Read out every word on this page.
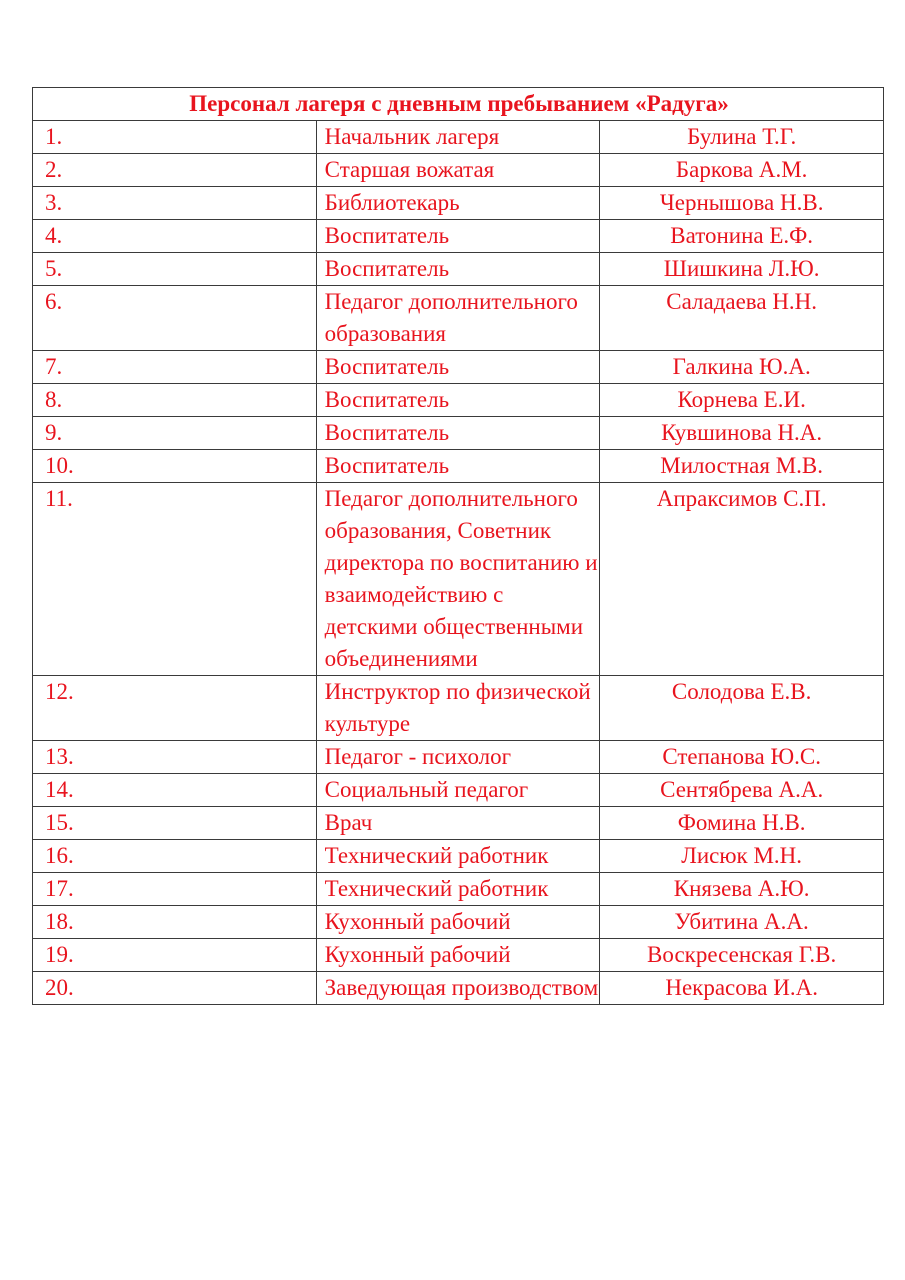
Персонал лагеря с дневным пребыванием «Радуга»		
1.	Начальник лагеря	Булина Т.Г.
2.	Старшая вожатая	Баркова А.М.
3.	Библиотекарь	Чернышова Н.В.
4.	Воспитатель	Ватонина Е.Ф.
5.	Воспитатель	Шишкина Л.Ю.
6.	Педагог дополнительного образования	Саладаева Н.Н.
7.	Воспитатель	Галкина Ю.А.
8.	Воспитатель	Корнева Е.И.
9.	Воспитатель	Кувшинова Н.А.
10.	Воспитатель	Милостная М.В.
11.	Педагог дополнительного образования, Советник директора по воспитанию и взаимодействию с детскими общественными объединениями	Апраксимов С.П.
12.	Инструктор по физической культуре	Солодова Е.В.
13.	Педагог - психолог	Степанова Ю.С.
14.	Социальный педагог	Сентябрева А.А.
15.	Врач	Фомина Н.В.
16.	Технический работник	Лисюк М.Н.
17.	Технический работник	Князева А.Ю.
18.	Кухонный рабочий	Убитина А.А.
19.	Кухонный рабочий	Воскресенская Г.В.
20.	Заведующая производством	Некрасова И.А.
